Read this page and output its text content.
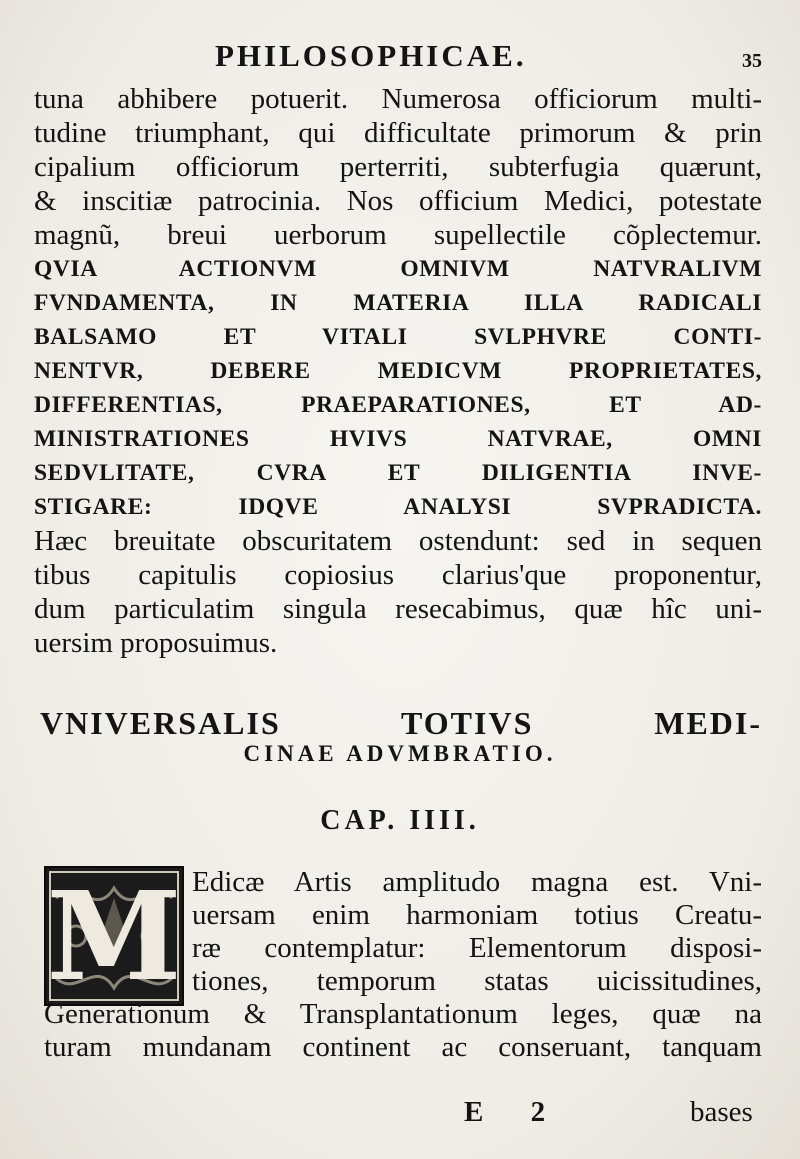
PHILOSOPHICAE.	35
tuna abhibere potuerit. Numerosa officiorum multi-
tudine triumphant, qui difficultate primorum & prin
cipalium officiorum perterriti, subterfugia quærunt,
& inscitiæ patrocinia. Nos officium Medici, potestate
magnũ, breui uerborum supellectile cõplectemur.
QVIA ACTIONVM OMNIVM NATVRALIVM
FVNDAMENTA, IN MATERIA ILLA RADICALI
BALSAMO ET VITALI SVLPHVRE CONTI-
NENTVR, DEBERE MEDICVM PROPRIETATES,
DIFFERENTIAS, PRAEPARATIONES, ET AD-
MINISTRATIONES HVIVS NATVRAE, OMNI
SEDVLITATE, CVRA ET DILIGENTIA INVE-
STIGARE: IDQVE ANALYSI SVPRADICTA.
Hæc breuitate obscuritatem ostendunt: sed in sequen
tibus capitulis copiosius clarius'que proponentur,
dum particulatim singula resecabimus, quæ hîc uni-
uersim proposuimus.
VNIVERSALIS TOTIVS MEDI-
CINAE ADVMBRATIO.
CAP. IIII.
M Edicæ Artis amplitudo magna est. Vni-
uersam enim harmoniam totius Creatu-
ræ contemplatur: Elementorum disposi-
tiones, temporum statas uicissitudines,
Generationum & Transplantationum leges, quæ na
turam mundanam continent ac conseruant, tanquam
E 2	bases
